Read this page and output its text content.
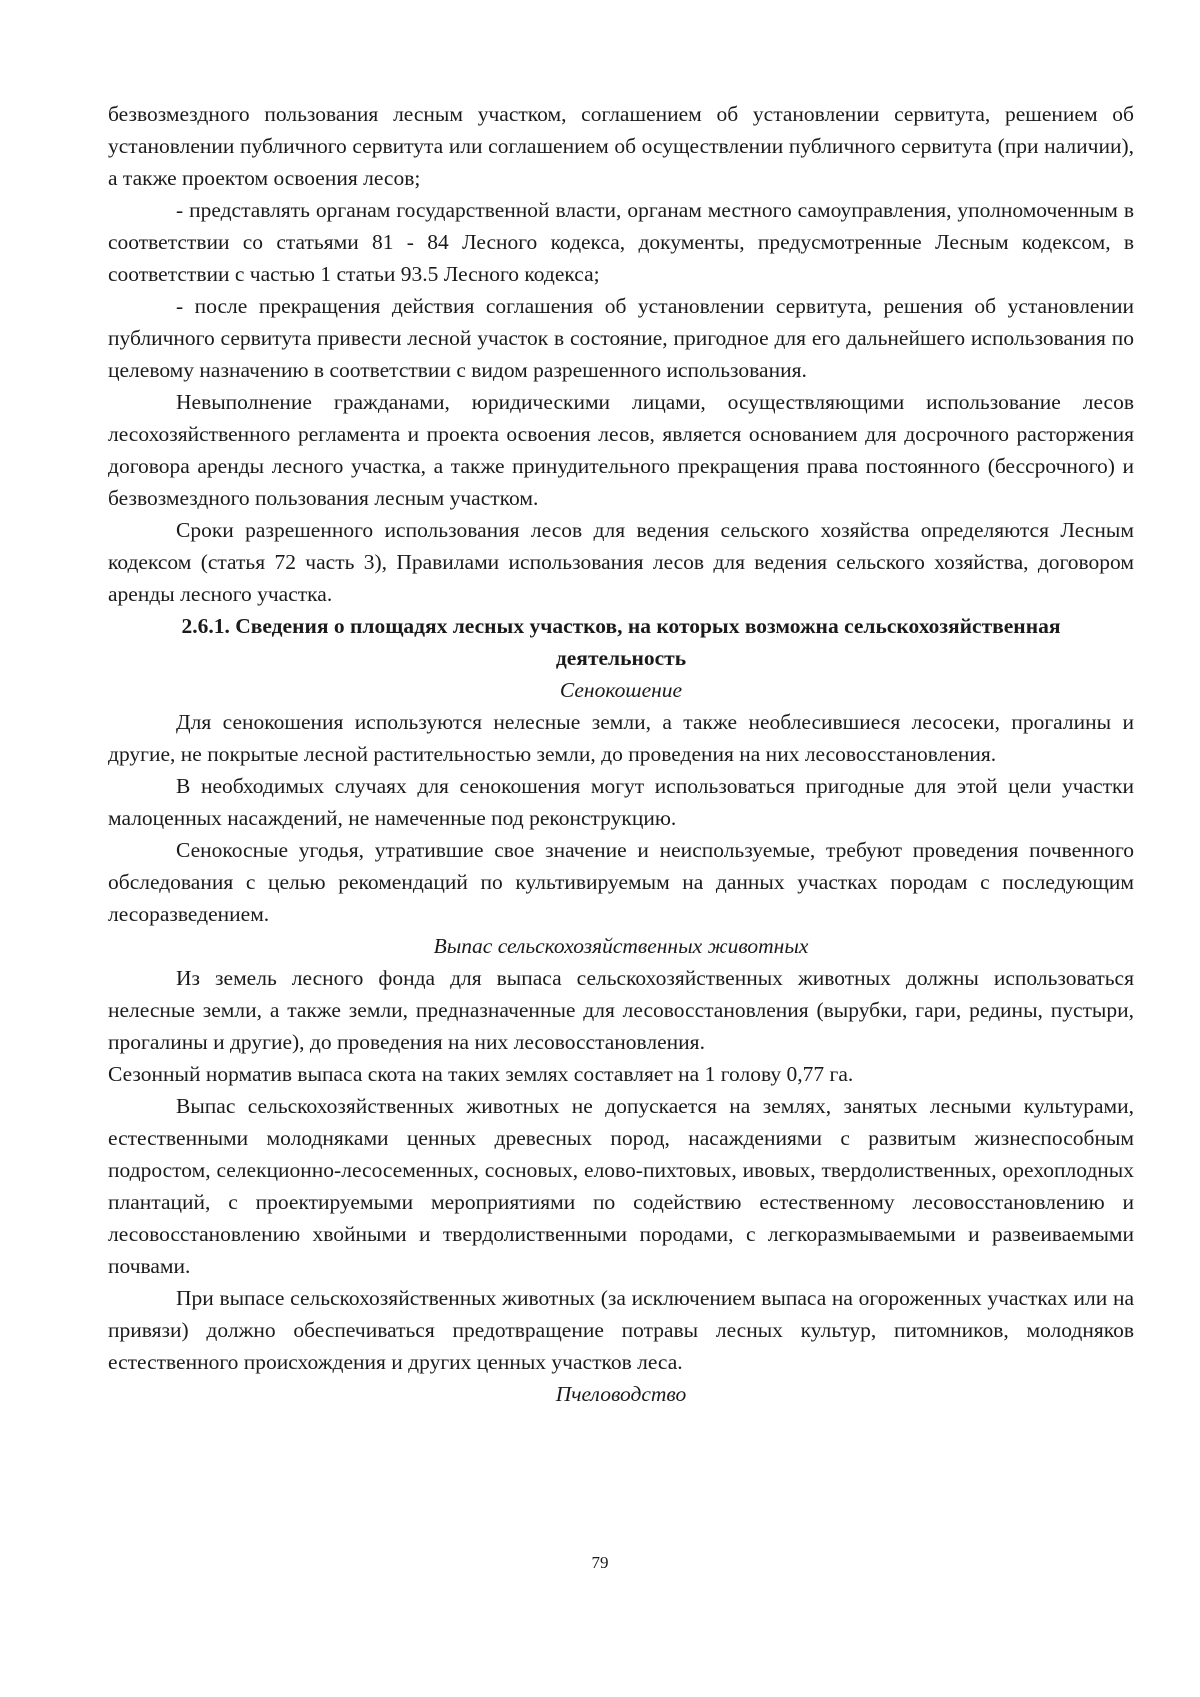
безвозмездного пользования лесным участком, соглашением об установлении сервитута, решением об установлении публичного сервитута или соглашением об осуществлении публичного сервитута (при наличии), а также проектом освоения лесов;

- представлять органам государственной власти, органам местного самоуправления, уполномоченным в соответствии со статьями 81 - 84 Лесного кодекса, документы, предусмотренные Лесным кодексом, в соответствии с частью 1 статьи 93.5 Лесного кодекса;

- после прекращения действия соглашения об установлении сервитута, решения об установлении публичного сервитута привести лесной участок в состояние, пригодное для его дальнейшего использования по целевому назначению в соответствии с видом разрешенного использования.

Невыполнение гражданами, юридическими лицами, осуществляющими использование лесов лесохозяйственного регламента и проекта освоения лесов, является основанием для досрочного расторжения договора аренды лесного участка, а также принудительного прекращения права постоянного (бессрочного) и безвозмездного пользования лесным участком.

Сроки разрешенного использования лесов для ведения сельского хозяйства определяются Лесным кодексом (статья 72 часть 3), Правилами использования лесов для ведения сельского хозяйства, договором аренды лесного участка.

2.6.1. Сведения о площадях лесных участков, на которых возможна сельскохозяйственная деятельность

Сенокошение

Для сенокошения используются нелесные земли, а также необлесившиеся лесосеки, прогалины и другие, не покрытые лесной растительностью земли, до проведения на них лесовосстановления.

В необходимых случаях для сенокошения могут использоваться пригодные для этой цели участки малоценных насаждений, не намеченные под реконструкцию.

Сенокосные угодья, утратившие свое значение и неиспользуемые, требуют проведения почвенного обследования с целью рекомендаций по культивируемым на данных участках породам с последующим лесоразведением.

Выпас сельскохозяйственных животных

Из земель лесного фонда для выпаса сельскохозяйственных животных должны использоваться нелесные земли, а также земли, предназначенные для лесовосстановления (вырубки, гари, редины, пустыри, прогалины и другие), до проведения на них лесовосстановления.

Сезонный норматив выпаса скота на таких землях составляет на 1 голову 0,77 га.

Выпас сельскохозяйственных животных не допускается на землях, занятых лесными культурами, естественными молодняками ценных древесных пород, насаждениями с развитым жизнеспособным подростом, селекционно-лесосеменных, сосновых, елово-пихтовых, ивовых, твердолиственных, орехоплодных плантаций, с проектируемыми мероприятиями по содействию естественному лесовосстановлению и лесовосстановлению хвойными и твердолиственными породами, с легкоразмываемыми и развеиваемыми почвами.

При выпасе сельскохозяйственных животных (за исключением выпаса на огороженных участках или на привязи) должно обеспечиваться предотвращение потравы лесных культур, питомников, молодняков естественного происхождения и других ценных участков леса.

Пчеловодство

79
